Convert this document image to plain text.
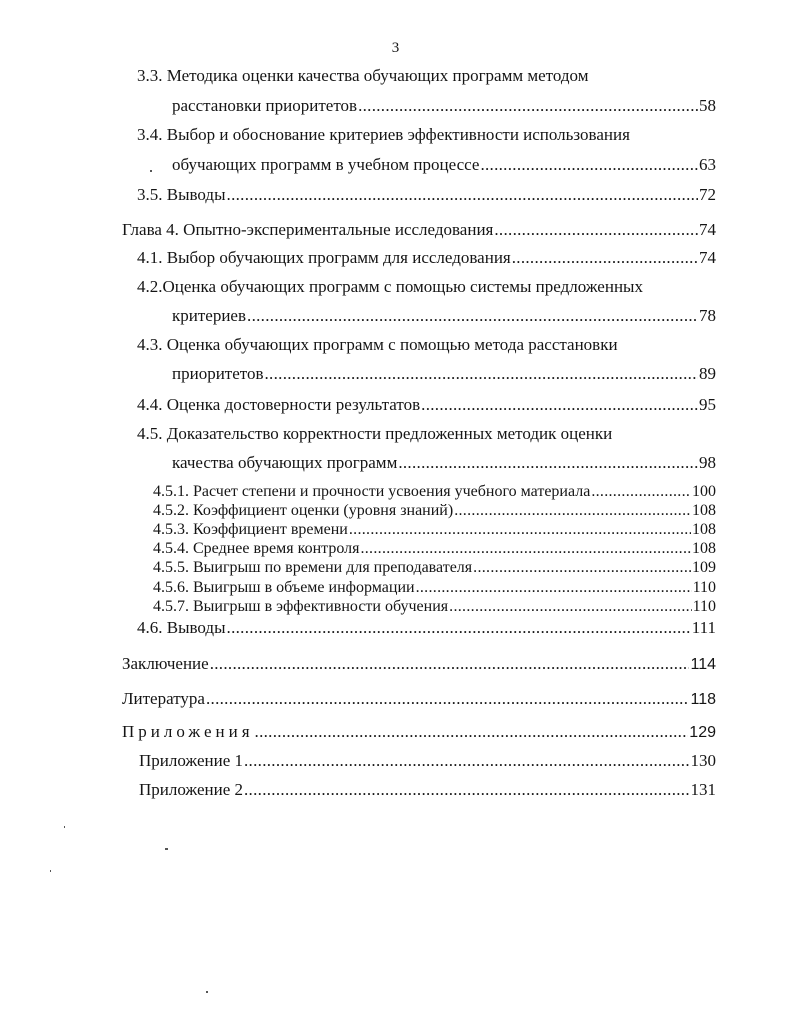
3
3.3. Методика оценки качества обучающих программ методом
расстановки приоритетов .....	58
3.4. Выбор и обоснование критериев эффективности использования
обучающих программ в учебном процессе .....	63
3.5. Выводы .....	72
Глава 4. Опытно-экспериментальные исследования .....	74
4.1. Выбор обучающих программ для исследования .....	74
4.2.Оценка обучающих программ с помощью системы предложенных
критериев .....	78
4.3. Оценка обучающих программ с помощью метода расстановки
приоритетов .....	89
4.4. Оценка достоверности результатов .....	95
4.5. Доказательство корректности предложенных методик оценки
качества обучающих программ .....	98
4.5.1. Расчет степени и прочности усвоения учебного материала .....	100
4.5.2. Коэффициент оценки (уровня знаний) .....	108
4.5.3. Коэффициент времени .....	108
4.5.4. Среднее время контроля .....	108
4.5.5. Выигрыш по времени для преподавателя .....	109
4.5.6. Выигрыш в объеме информации .....	110
4.5.7. Выигрыш в эффективности обучения .....	110
4.6. Выводы .....	111
Заключение .....	114
Литература .....	118
Приложения .....	129
Приложение 1 .....	130
Приложение 2 .....	131
